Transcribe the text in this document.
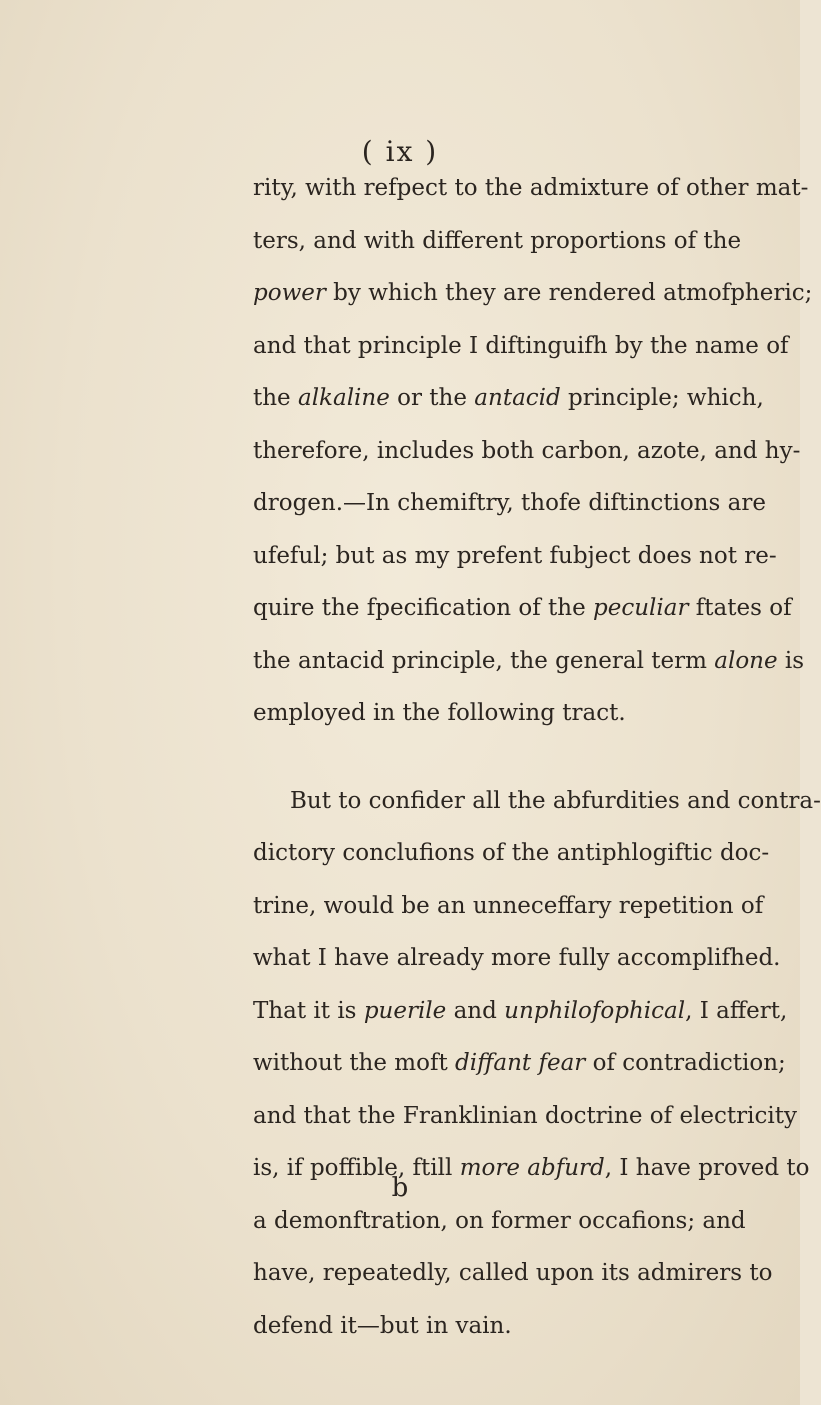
( ix )

rity, with refpect to the admixture of other mat-
ters, and with different proportions of the
power by which they are rendered atmofpheric;
and that principle I diftinguifh by the name of
the alkaline or the antacid principle; which,
therefore, includes both carbon, azote, and hy-
drogen.—In chemiftry, thofe diftinctions are
ufeful; but as my prefent fubject does not re-
quire the fpecification of the peculiar ftates of
the antacid principle, the general term alone is
employed in the following tract.

But to confider all the abfurdities and contra-
dictory conclufions of the antiphlogiftic doc-
trine, would be an unneceffary repetition of
what I have already more fully accomplifhed.
That it is puerile and unphilofophical, I affert,
without the moft diffant fear of contradiction;
and that the Franklinian doctrine of electricity
is, if poffible, ftill more abfurd, I have proved to
a demonftration, on former occafions; and
have, repeatedly, called upon its admirers to
defend it—but in vain.

b
